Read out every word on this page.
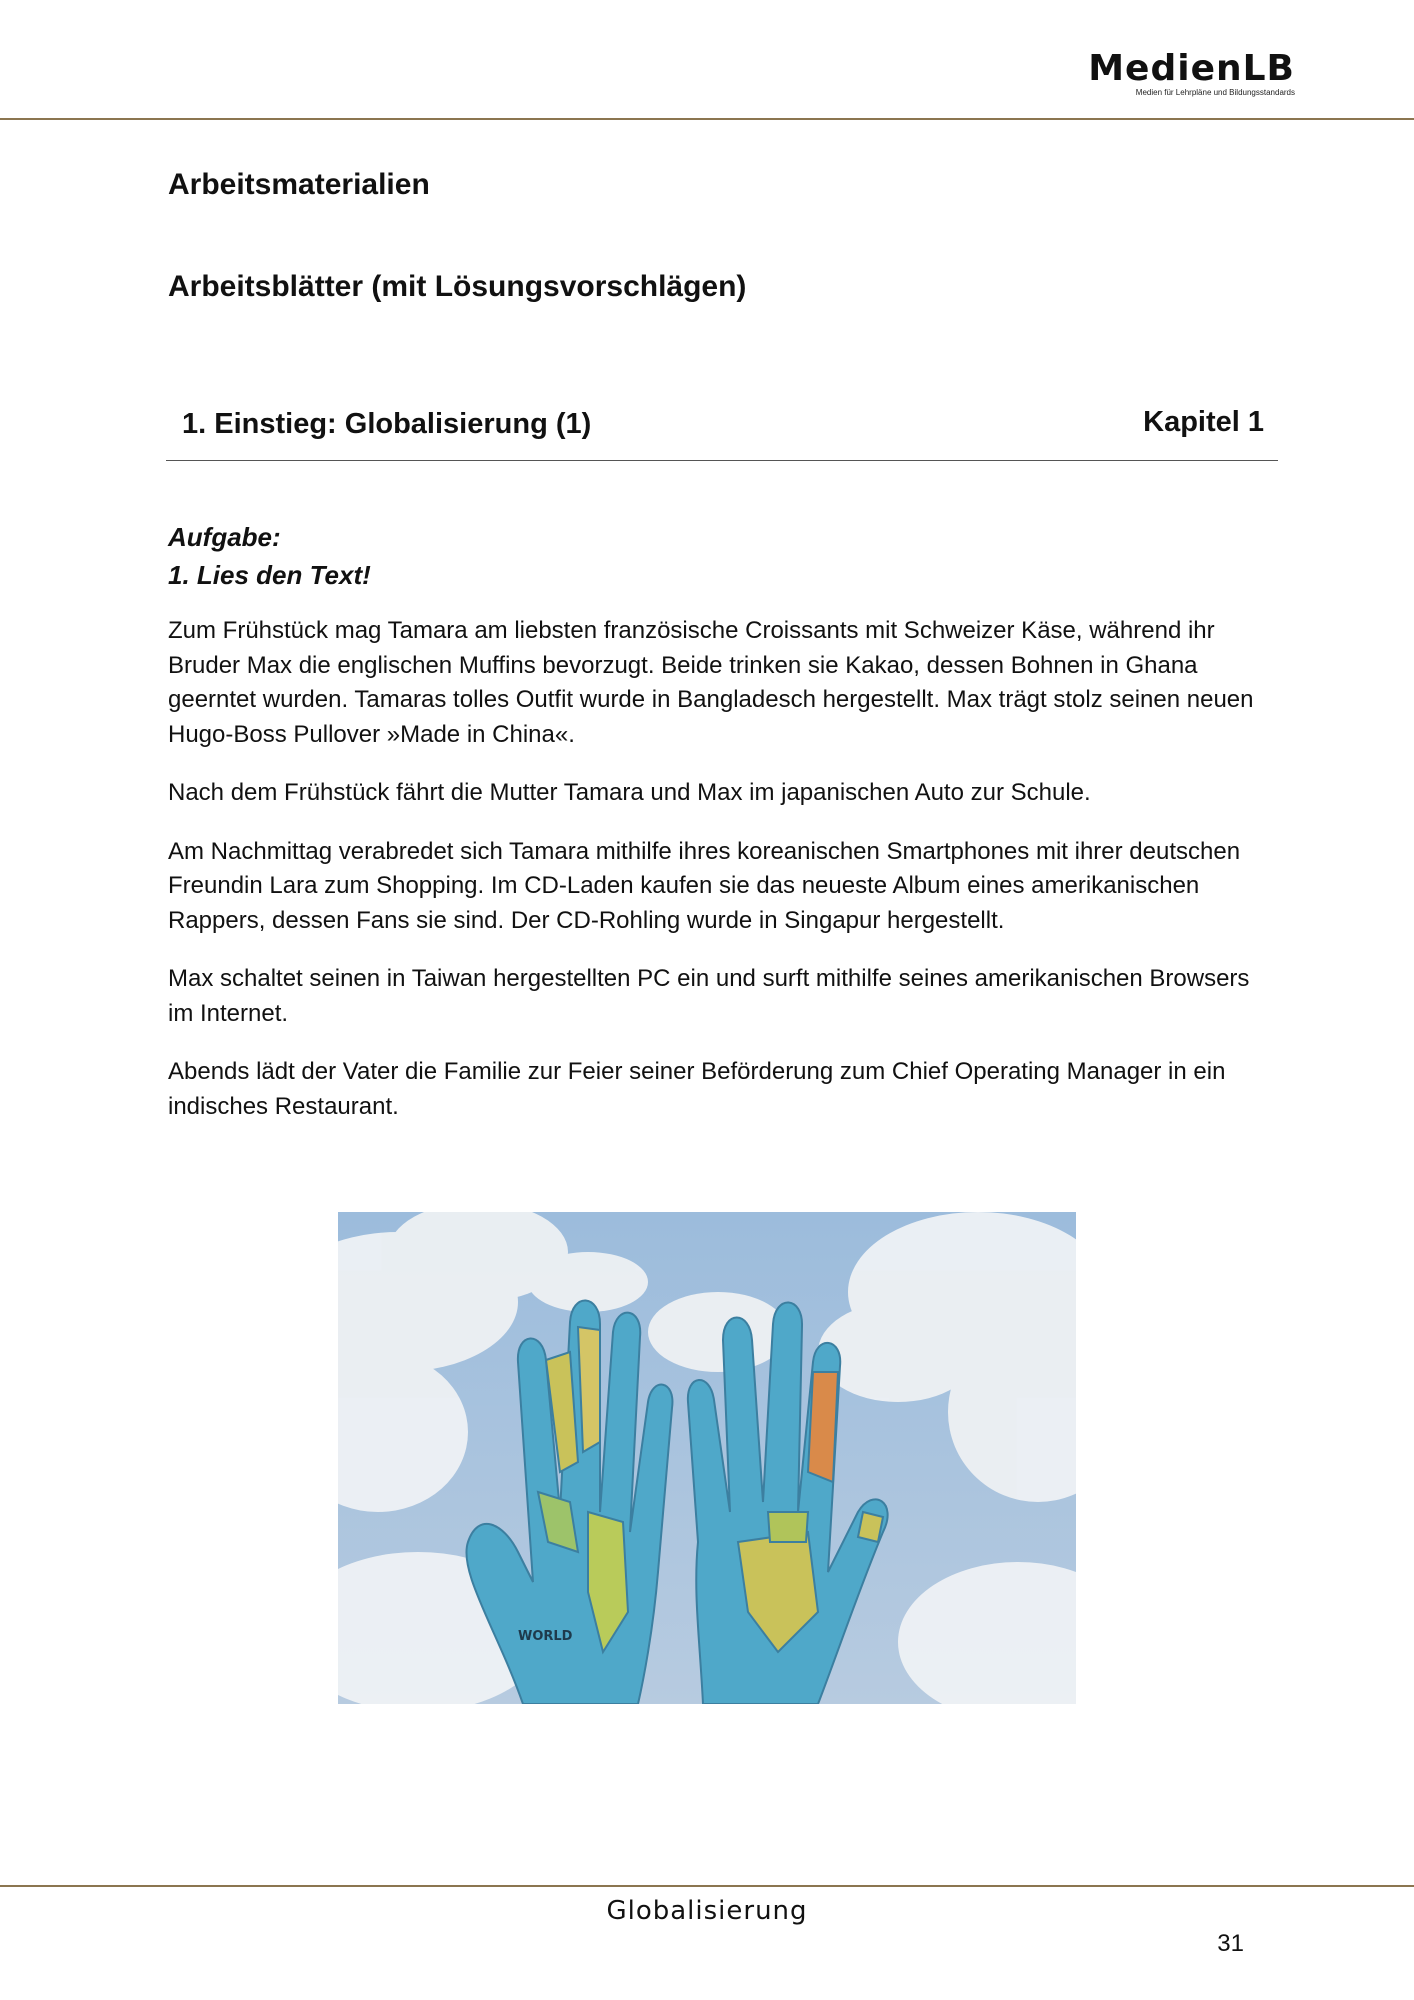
MedienLB
Medien für Lehrpläne und Bildungsstandards
Arbeitsmaterialien
Arbeitsblätter (mit Lösungsvorschlägen)
1. Einstieg: Globalisierung (1)	Kapitel 1
Aufgabe:
1. Lies den Text!

Zum Frühstück mag Tamara am liebsten französische Croissants mit Schweizer Käse, während ihr Bruder Max die englischen Muffins bevorzugt. Beide trinken sie Kakao, dessen Bohnen in Ghana geerntet wurden. Tamaras tolles Outfit wurde in Bangladesch hergestellt. Max trägt stolz seinen neuen Hugo-Boss Pullover »Made in China«.

Nach dem Frühstück fährt die Mutter Tamara und Max im japanischen Auto zur Schule.

Am Nachmittag verabredet sich Tamara mithilfe ihres koreanischen Smartphones mit ihrer deutschen Freundin Lara zum Shopping. Im CD-Laden kaufen sie das neueste Album eines amerikanischen Rappers, dessen Fans sie sind. Der CD-Rohling wurde in Singapur hergestellt.

Max schaltet seinen in Taiwan hergestellten PC ein und surft mithilfe seines amerikanischen Browsers im Internet.

Abends lädt der Vater die Familie zur Feier seiner Beförderung zum Chief Operating Manager in ein indisches Restaurant.

WORLD
Globalisierung
31
